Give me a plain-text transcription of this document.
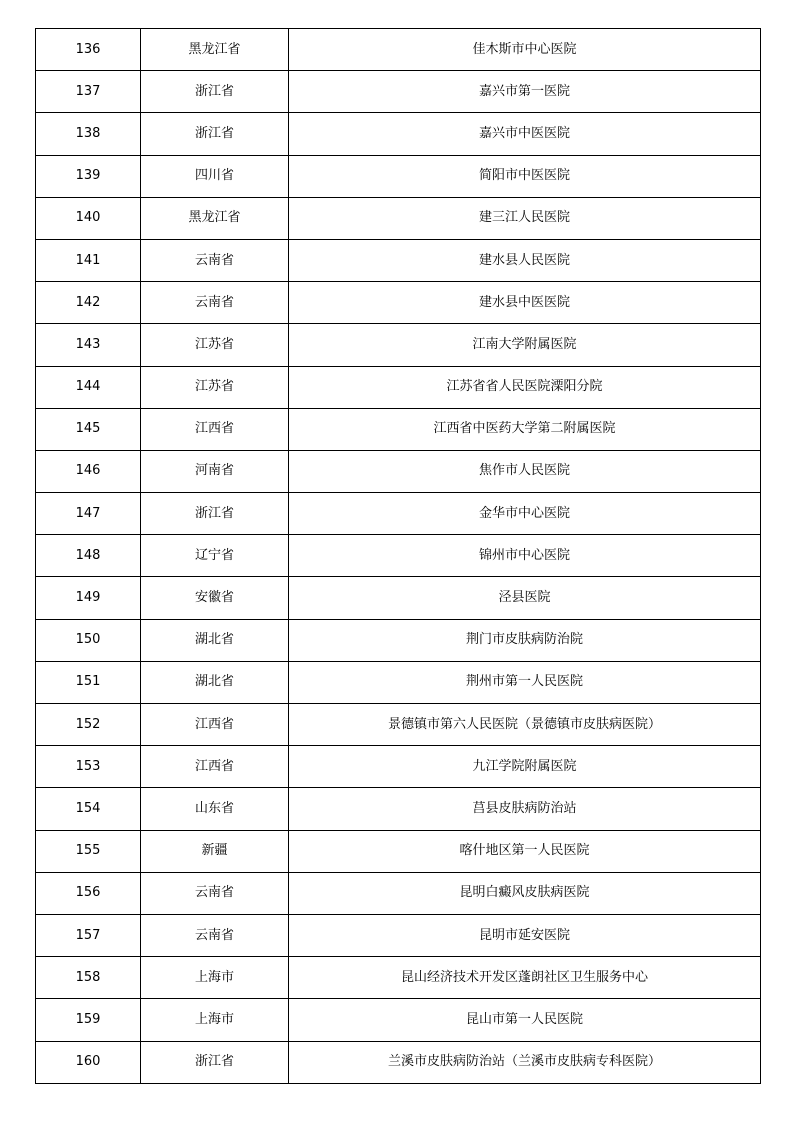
136	黑龙江省	佳木斯市中心医院
137	浙江省	嘉兴市第一医院
138	浙江省	嘉兴市中医医院
139	四川省	简阳市中医医院
140	黑龙江省	建三江人民医院
141	云南省	建水县人民医院
142	云南省	建水县中医医院
143	江苏省	江南大学附属医院
144	江苏省	江苏省省人民医院溧阳分院
145	江西省	江西省中医药大学第二附属医院
146	河南省	焦作市人民医院
147	浙江省	金华市中心医院
148	辽宁省	锦州市中心医院
149	安徽省	泾县医院
150	湖北省	荆门市皮肤病防治院
151	湖北省	荆州市第一人民医院
152	江西省	景德镇市第六人民医院（景德镇市皮肤病医院）
153	江西省	九江学院附属医院
154	山东省	莒县皮肤病防治站
155	新疆	喀什地区第一人民医院
156	云南省	昆明白癜风皮肤病医院
157	云南省	昆明市延安医院
158	上海市	昆山经济技术开发区蓬朗社区卫生服务中心
159	上海市	昆山市第一人民医院
160	浙江省	兰溪市皮肤病防治站（兰溪市皮肤病专科医院）
